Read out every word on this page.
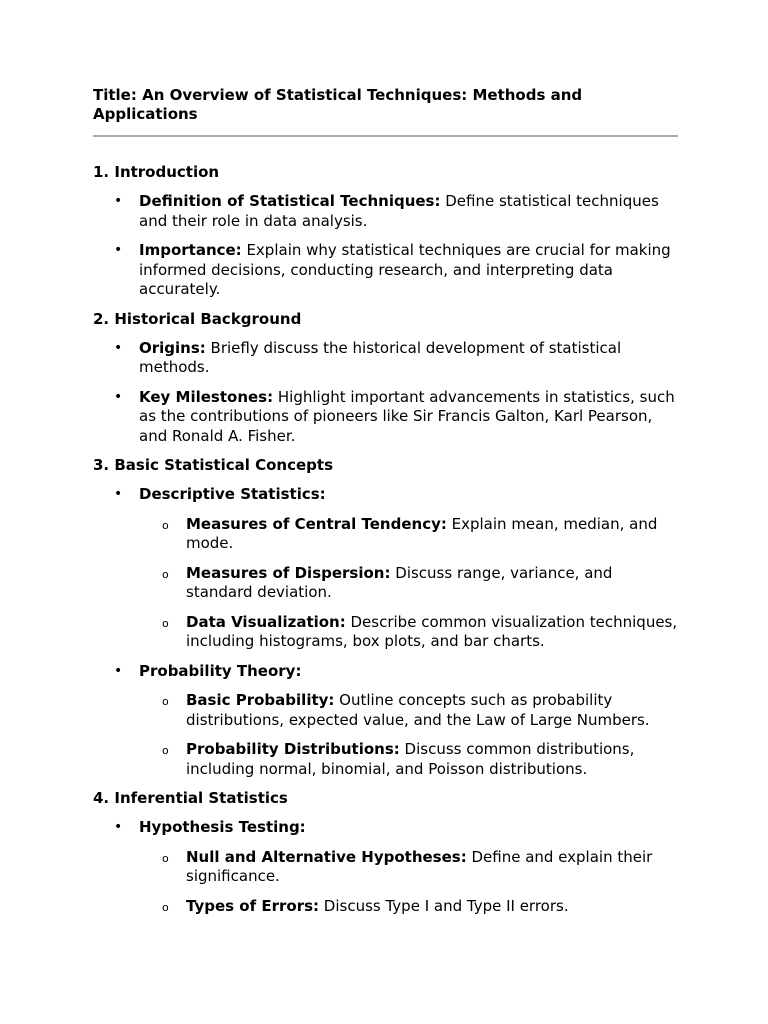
Title: An Overview of Statistical Techniques: Methods and Applications
1. Introduction
• Definition of Statistical Techniques: Define statistical techniques and their role in data analysis.
• Importance: Explain why statistical techniques are crucial for making informed decisions, conducting research, and interpreting data accurately.
2. Historical Background
• Origins: Briefly discuss the historical development of statistical methods.
• Key Milestones: Highlight important advancements in statistics, such as the contributions of pioneers like Sir Francis Galton, Karl Pearson, and Ronald A. Fisher.
3. Basic Statistical Concepts
• Descriptive Statistics:
o Measures of Central Tendency: Explain mean, median, and mode.
o Measures of Dispersion: Discuss range, variance, and standard deviation.
o Data Visualization: Describe common visualization techniques, including histograms, box plots, and bar charts.
• Probability Theory:
o Basic Probability: Outline concepts such as probability distributions, expected value, and the Law of Large Numbers.
o Probability Distributions: Discuss common distributions, including normal, binomial, and Poisson distributions.
4. Inferential Statistics
• Hypothesis Testing:
o Null and Alternative Hypotheses: Define and explain their significance.
o Types of Errors: Discuss Type I and Type II errors.
